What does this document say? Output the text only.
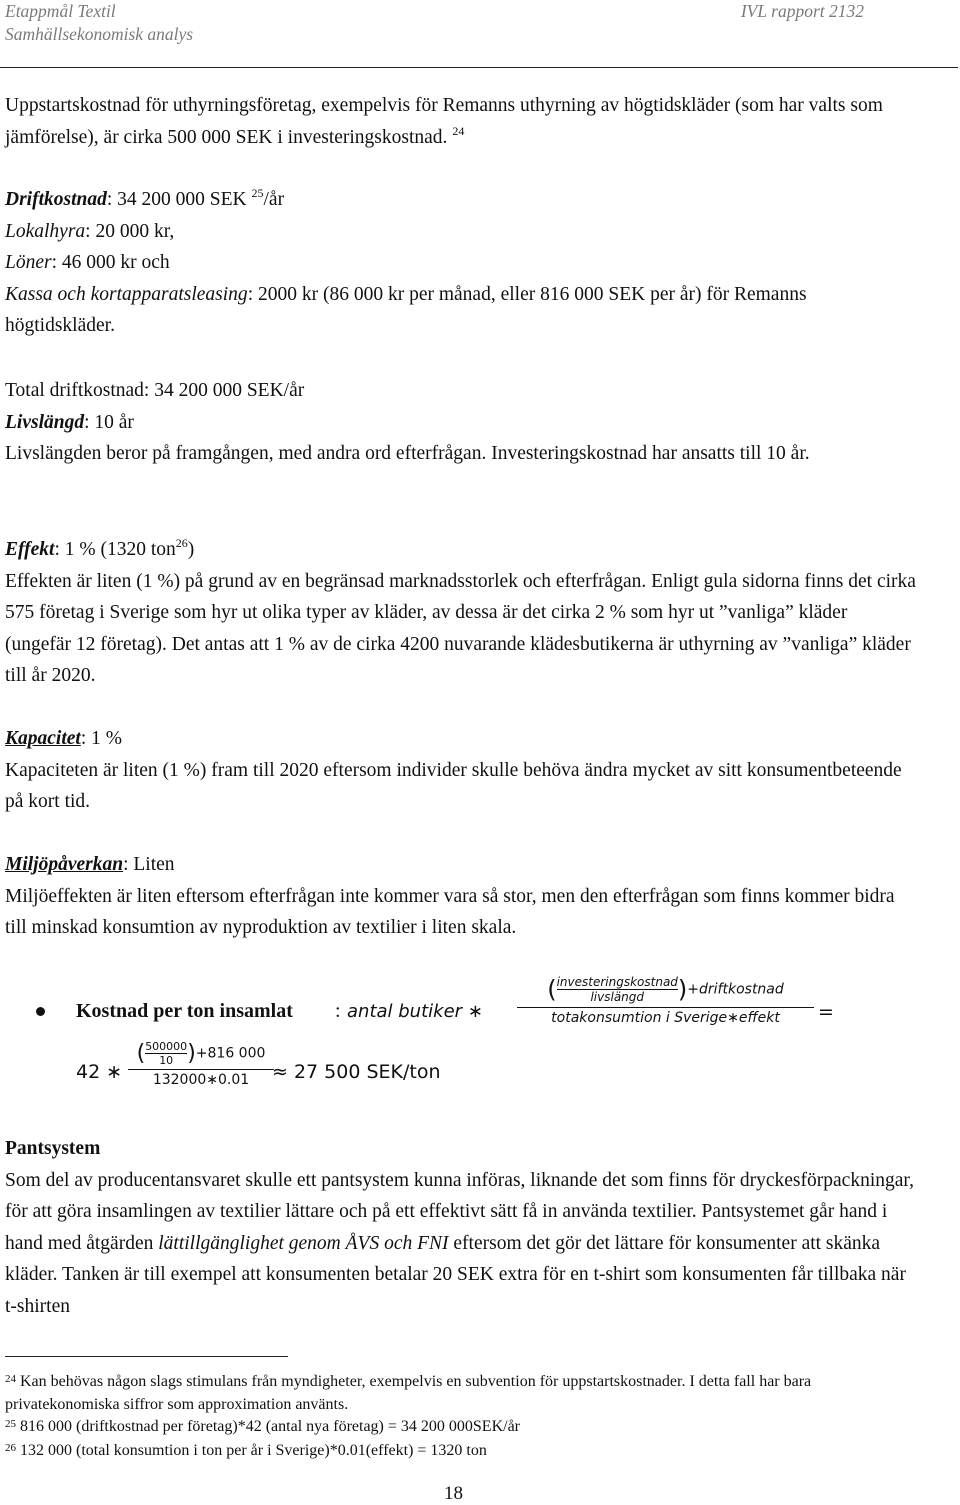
Etappmål Textil
Samhällsekonomisk analys
IVL rapport 2132
Uppstartskostnad för uthyrningsföretag, exempelvis för Remanns uthyrning av högtidskläder (som har valts som jämförelse), är cirka 500 000 SEK i investeringskostnad. $^{24}$
Driftkostnad: 34 200 000 SEK $^{25}$/år
Lokalhyra: 20 000 kr,
Löner: 46 000 kr och
Kassa och kortapparatsleasing: 2000 kr (86 000 kr per månad, eller 816 000 SEK per år) för Remanns högtidskläder.
Total driftkostnad: 34 200 000 SEK/år
Livslängd: 10 år
Livslängden beror på framgången, med andra ord efterfrågan. Investeringskostnad har ansatts till 10 år.
Effekt: 1 % (1320 ton$^{26}$)
Effekten är liten (1 %) på grund av en begränsad marknadsstorlek och efterfrågan. Enligt gula sidorna finns det cirka 575 företag i Sverige som hyr ut olika typer av kläder, av dessa är det cirka 2 % som hyr ut ”vanliga” kläder (ungefär 12 företag). Det antas att 1 % av de cirka 4200 nuvarande klädesbutikerna är uthyrning av ”vanliga” kläder till år 2020.
Kapacitet: 1 %
Kapaciteten är liten (1 %) fram till 2020 eftersom individer skulle behöva ändra mycket av sitt konsumentbeteende på kort tid.
Miljöpåverkan: Liten
Miljöeffekten är liten eftersom efterfrågan inte kommer vara så stor, men den efterfrågan som finns kommer bidra till minskad konsumtion av nyproduktion av textilier i liten skala.
Kostnad per ton insamlat : antal butiker ∗
( $\frac{\text{investeringskostnad}}{\text{livslängd}}$ )+driftkostnad
totakonsumtion i Sverige∗effekt	=
42 ∗
( $\frac{500000}{10} )+816$ 000
132000∗0.01	≈ 27 500 SEK/ton
Pantsystem
Som del av producentansvaret skulle ett pantsystem kunna införas, liknande det som finns för dryckesförpackningar, för att göra insamlingen av textilier lättare och på ett effektivt sätt få in använda textilier. Pantsystemet går hand i hand med åtgärden lättillgänglighet genom ÅVS och FNI eftersom det gör det lättare för konsumenter att skänka kläder. Tanken är till exempel att konsumenten betalar 20 SEK extra för en t-shirt som konsumenten får tillbaka när t-shirten
$^{24}$ Kan behövas någon slags stimulans från myndigheter, exempelvis en subvention för uppstartskostnader. I detta fall har bara privatekonomiska siffror som approximation använts.
$^{25}$ 816 000 (driftkostnad per företag)*42 (antal nya företag) = 34 200 000SEK/år
$^{26}$ 132 000 (total konsumtion i ton per år i Sverige)*0.01(effekt) = 1320 ton
18
